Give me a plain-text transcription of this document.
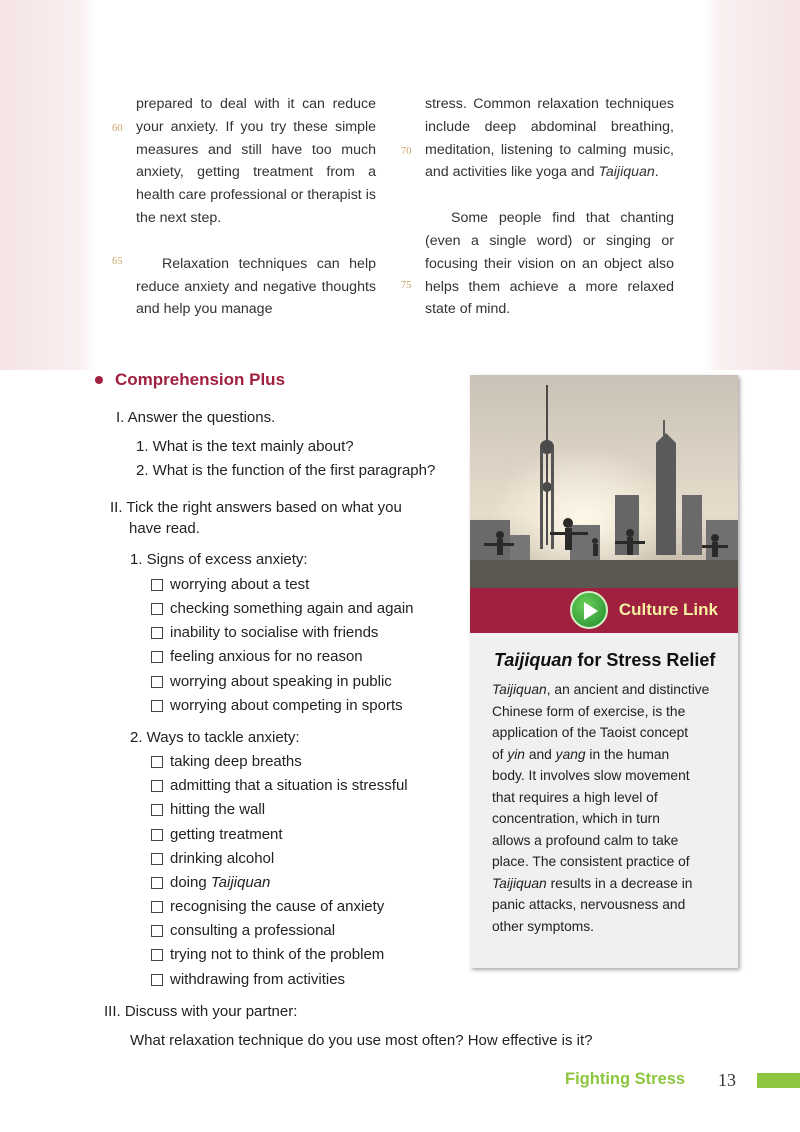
60
65
70
75

prepared to deal with it can reduce your anxiety. If you try these simple measures and still have too much anxiety, getting treatment from a health care professional or therapist is the next step.

Relaxation techniques can help reduce anxiety and negative thoughts and help you manage

stress. Common relaxation techniques include deep abdominal breathing, meditation, listening to calming music, and activities like yoga and Taijiquan.

Some people find that chanting (even a single word) or singing or focusing their vision on an object also helps them achieve a more relaxed state of mind.

Comprehension Plus
I. Answer the questions.
1. What is the text mainly about?
2. What is the function of the first paragraph?
II. Tick the right answers based on what you
have read.
1. Signs of excess anxiety:
worrying about a test
checking something again and again
inability to socialise with friends
feeling anxious for no reason
worrying about speaking in public
worrying about competing in sports
2. Ways to tackle anxiety:
taking deep breaths
admitting that a situation is stressful
hitting the wall
getting treatment
drinking alcohol
doing Taijiquan
recognising the cause of anxiety
consulting a professional
trying not to think of the problem
withdrawing from activities
III. Discuss with your partner:
What relaxation technique do you use most often? How effective is it?
Culture Link
Taijiquan for Stress Relief

Taijiquan, an ancient and distinctive

Chinese form of exercise, is the

application of the Taoist concept

of yin and yang in the human

body. It involves slow movement

that requires a high level of

concentration, which in turn

allows a profound calm to take

place. The consistent practice of

Taijiquan results in a decrease in

panic attacks, nervousness and

other symptoms.

Fighting Stress 13
